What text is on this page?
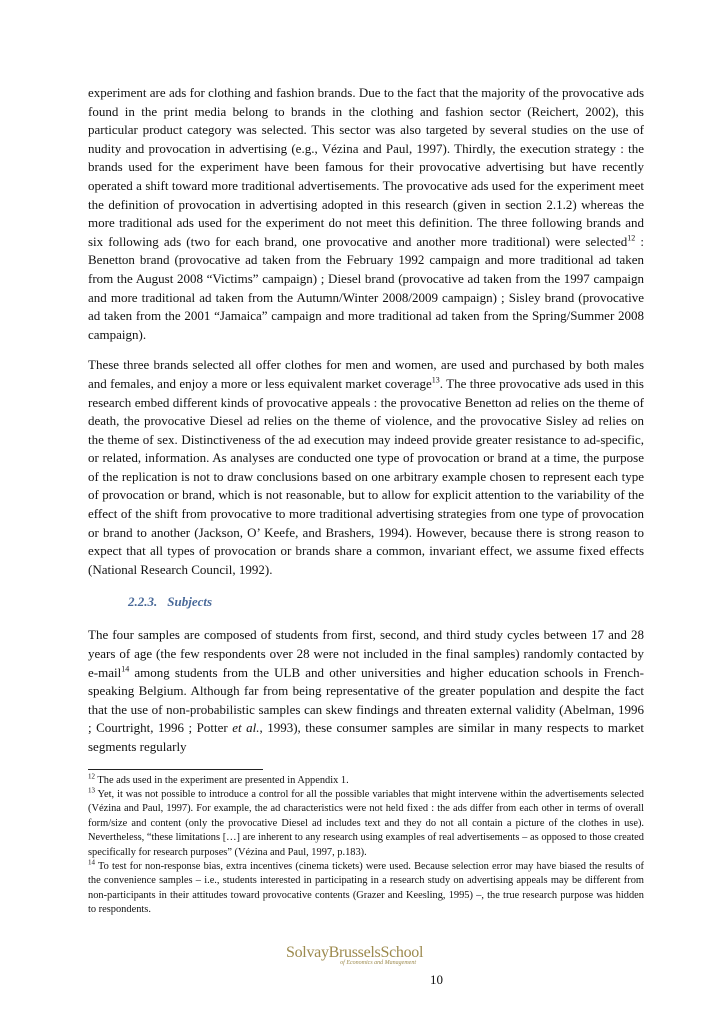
experiment are ads for clothing and fashion brands. Due to the fact that the majority of the provocative ads found in the print media belong to brands in the clothing and fashion sector (Reichert, 2002), this particular product category was selected. This sector was also targeted by several studies on the use of nudity and provocation in advertising (e.g., Vézina and Paul, 1997). Thirdly, the execution strategy : the brands used for the experiment have been famous for their provocative advertising but have recently operated a shift toward more traditional advertisements. The provocative ads used for the experiment meet the definition of provocation in advertising adopted in this research (given in section 2.1.2) whereas the more traditional ads used for the experiment do not meet this definition. The three following brands and six following ads (two for each brand, one provocative and another more traditional) were selected$^{12}$ : Benetton brand (provocative ad taken from the February 1992 campaign and more traditional ad taken from the August 2008 “Victims” campaign) ; Diesel brand (provocative ad taken from the 1997 campaign and more traditional ad taken from the Autumn/Winter 2008/2009 campaign) ; Sisley brand (provocative ad taken from the 2001 “Jamaica” campaign and more traditional ad taken from the Spring/Summer 2008 campaign).

These three brands selected all offer clothes for men and women, are used and purchased by both males and females, and enjoy a more or less equivalent market coverage$^{13}$. The three provocative ads used in this research embed different kinds of provocative appeals : the provocative Benetton ad relies on the theme of death, the provocative Diesel ad relies on the theme of violence, and the provocative Sisley ad relies on the theme of sex. Distinctiveness of the ad execution may indeed provide greater resistance to ad-specific, or related, information. As analyses are conducted one type of provocation or brand at a time, the purpose of the replication is not to draw conclusions based on one arbitrary example chosen to represent each type of provocation or brand, which is not reasonable, but to allow for explicit attention to the variability of the effect of the shift from provocative to more traditional advertising strategies from one type of provocation or brand to another (Jackson, O’ Keefe, and Brashers, 1994). However, because there is strong reason to expect that all types of provocation or brands share a common, invariant effect, we assume fixed effects (National Research Council, 1992).

2.2.3. Subjects

The four samples are composed of students from first, second, and third study cycles between 17 and 28 years of age (the few respondents over 28 were not included in the final samples) randomly contacted by e-mail$^{14}$ among students from the ULB and other universities and higher education schools in French-speaking Belgium. Although far from being representative of the greater population and despite the fact that the use of non-probabilistic samples can skew findings and threaten external validity (Abelman, 1996 ; Courtright, 1996 ; Potter et al., 1993), these consumer samples are similar in many respects to market segments regularly

$^{12}$ The ads used in the experiment are presented in Appendix 1.

$^{13}$ Yet, it was not possible to introduce a control for all the possible variables that might intervene within the advertisements selected (Vézina and Paul, 1997). For example, the ad characteristics were not held fixed : the ads differ from each other in terms of overall form/size and content (only the provocative Diesel ad includes text and they do not all contain a picture of the clothes in use). Nevertheless, “these limitations […] are inherent to any research using examples of real advertisements – as opposed to those created specifically for research purposes” (Vézina and Paul, 1997, p.183).

$^{14}$ To test for non-response bias, extra incentives (cinema tickets) were used. Because selection error may have biased the results of the convenience samples – i.e., students interested in participating in a research study on advertising appeals may be different from non-participants in their attitudes toward provocative contents (Grazer and Keesling, 1995) –, the true research purpose was hidden to respondents.

SolvayBrusselsSchool
of Economics and Management
10
